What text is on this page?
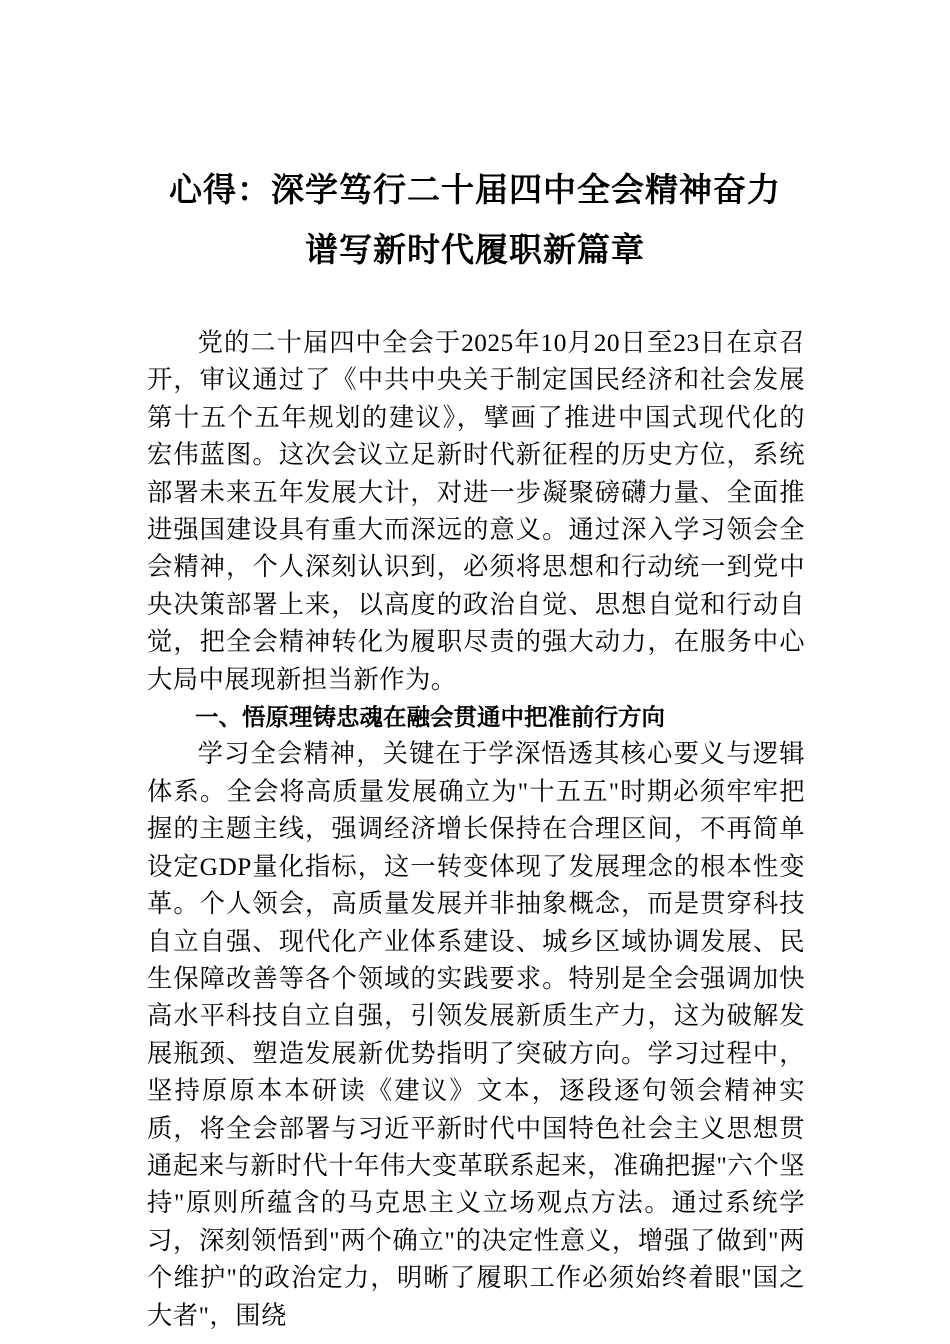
心得：深学笃行二十届四中全会精神奋力
谱写新时代履职新篇章

党的二十届四中全会于2025年10月20日至23日在京召开，审议通过了《中共中央关于制定国民经济和社会发展第十五个五年规划的建议》，擘画了推进中国式现代化的宏伟蓝图。这次会议立足新时代新征程的历史方位，系统部署未来五年发展大计，对进一步凝聚磅礴力量、全面推进强国建设具有重大而深远的意义。通过深入学习领会全会精神，个人深刻认识到，必须将思想和行动统一到党中央决策部署上来，以高度的政治自觉、思想自觉和行动自觉，把全会精神转化为履职尽责的强大动力，在服务中心大局中展现新担当新作为。

一、悟原理铸忠魂在融会贯通中把准前行方向

学习全会精神，关键在于学深悟透其核心要义与逻辑体系。全会将高质量发展确立为"十五五"时期必须牢牢把握的主题主线，强调经济增长保持在合理区间，不再简单设定GDP量化指标，这一转变体现了发展理念的根本性变革。个人领会，高质量发展并非抽象概念，而是贯穿科技自立自强、现代化产业体系建设、城乡区域协调发展、民生保障改善等各个领域的实践要求。特别是全会强调加快高水平科技自立自强，引领发展新质生产力，这为破解发展瓶颈、塑造发展新优势指明了突破方向。学习过程中，坚持原原本本研读《建议》文本，逐段逐句领会精神实质，将全会部署与习近平新时代中国特色社会主义思想贯通起来与新时代十年伟大变革联系起来，准确把握"六个坚持"原则所蕴含的马克思主义立场观点方法。通过系统学习，深刻领悟到"两个确立"的决定性意义，增强了做到"两个维护"的政治定力，明晰了履职工作必须始终着眼"国之大者"，围绕
